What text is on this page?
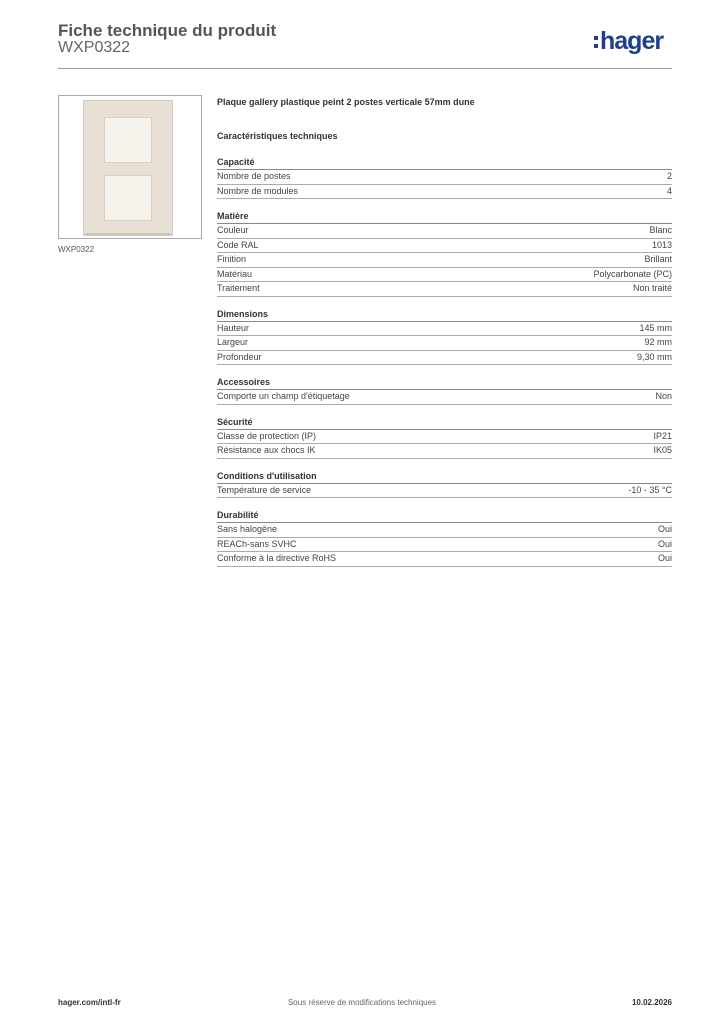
Fiche technique du produit
WXP0322	hager
WXP0322
Plaque gallery plastique peint 2 postes verticale 57mm dune
Caractéristiques techniques
Capacité
Nombre de postes	2
Nombre de modules	4
Matière
Couleur	Blanc
Code RAL	1013
Finition	Brillant
Matériau	Polycarbonate (PC)
Traitement	Non traité
Dimensions
Hauteur	145 mm
Largeur	92 mm
Profondeur	9,30 mm
Accessoires
Comporte un champ d'étiquetage	Non
Sécurité
Classe de protection (IP)	IP21
Résistance aux chocs IK	IK05
Conditions d'utilisation
Température de service	-10 - 35 °C
Durabilité
Sans halogène	Oui
REACh-sans SVHC	Oui
Conforme à la directive RoHS	Oui
hager.com/intl-fr	Sous réserve de modifications techniques	10.02.2026
